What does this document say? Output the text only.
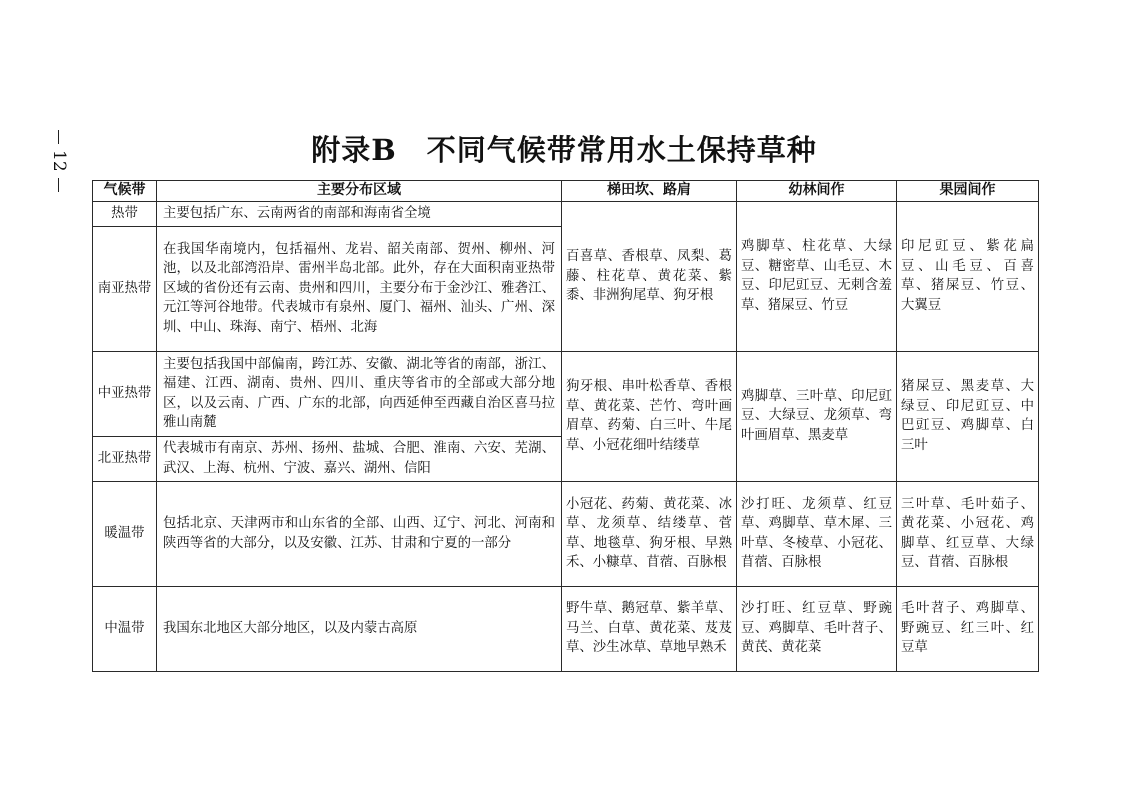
12	附录B　不同气候带常用水土保持草种
气候带	主要分布区域	梯田坎、路肩	幼林间作	果园间作
热带	主要包括广东、云南两省的南部和海南省全境	百喜草、香根草、凤梨、葛藤、柱花草、黄花菜、紫黍、非洲狗尾草、狗牙根	鸡脚草、柱花草、大绿豆、糖密草、山毛豆、木豆、印尼豇豆、无刺含羞草、猪屎豆、竹豆	印尼豇豆、紫花扁豆、山毛豆、百喜草、猪屎豆、竹豆、大翼豆
南亚热带	在我国华南境内，包括福州、龙岩、韶关南部、贺州、柳州、河池，以及北部湾沿岸、雷州半岛北部。此外，存在大面积南亚热带区域的省份还有云南、贵州和四川，主要分布于金沙江、雅砻江、元江等河谷地带。代表城市有泉州、厦门、福州、汕头、广州、深圳、中山、珠海、南宁、梧州、北海			
中亚热带	主要包括我国中部偏南，跨江苏、安徽、湖北等省的南部，浙江、福建、江西、湖南、贵州、四川、重庆等省市的全部或大部分地区，以及云南、广西、广东的北部，向西延伸至西藏自治区喜马拉雅山南麓	狗牙根、串叶松香草、香根草、黄花菜、芒竹、弯叶画眉草、药菊、白三叶、牛尾草、小冠花细叶结缕草	鸡脚草、三叶草、印尼豇豆、大绿豆、龙须草、弯叶画眉草、黑麦草	猪屎豆、黑麦草、大绿豆、印尼豇豆、中巴豇豆、鸡脚草、白三叶
北亚热带	代表城市有南京、苏州、扬州、盐城、合肥、淮南、六安、芜湖、武汉、上海、杭州、宁波、嘉兴、湖州、信阳			
暖温带	包括北京、天津两市和山东省的全部、山西、辽宁、河北、河南和陕西等省的大部分，以及安徽、江苏、甘肃和宁夏的一部分	小冠花、药菊、黄花菜、冰草、龙须草、结缕草、菅草、地毯草、狗牙根、早熟禾、小糠草、苜蓿、百脉根	沙打旺、龙须草、红豆草、鸡脚草、草木犀、三叶草、冬棱草、小冠花、苜蓿、百脉根	三叶草、毛叶茹子、黄花菜、小冠花、鸡脚草、红豆草、大绿豆、苜蓿、百脉根
中温带	我国东北地区大部分地区，以及内蒙古高原	野牛草、鹅冠草、紫羊草、马兰、白草、黄花菜、芨芨草、沙生冰草、草地早熟禾	沙打旺、红豆草、野豌豆、鸡脚草、毛叶苕子、黄芪、黄花菜	毛叶苕子、鸡脚草、野豌豆、红三叶、红豆草
